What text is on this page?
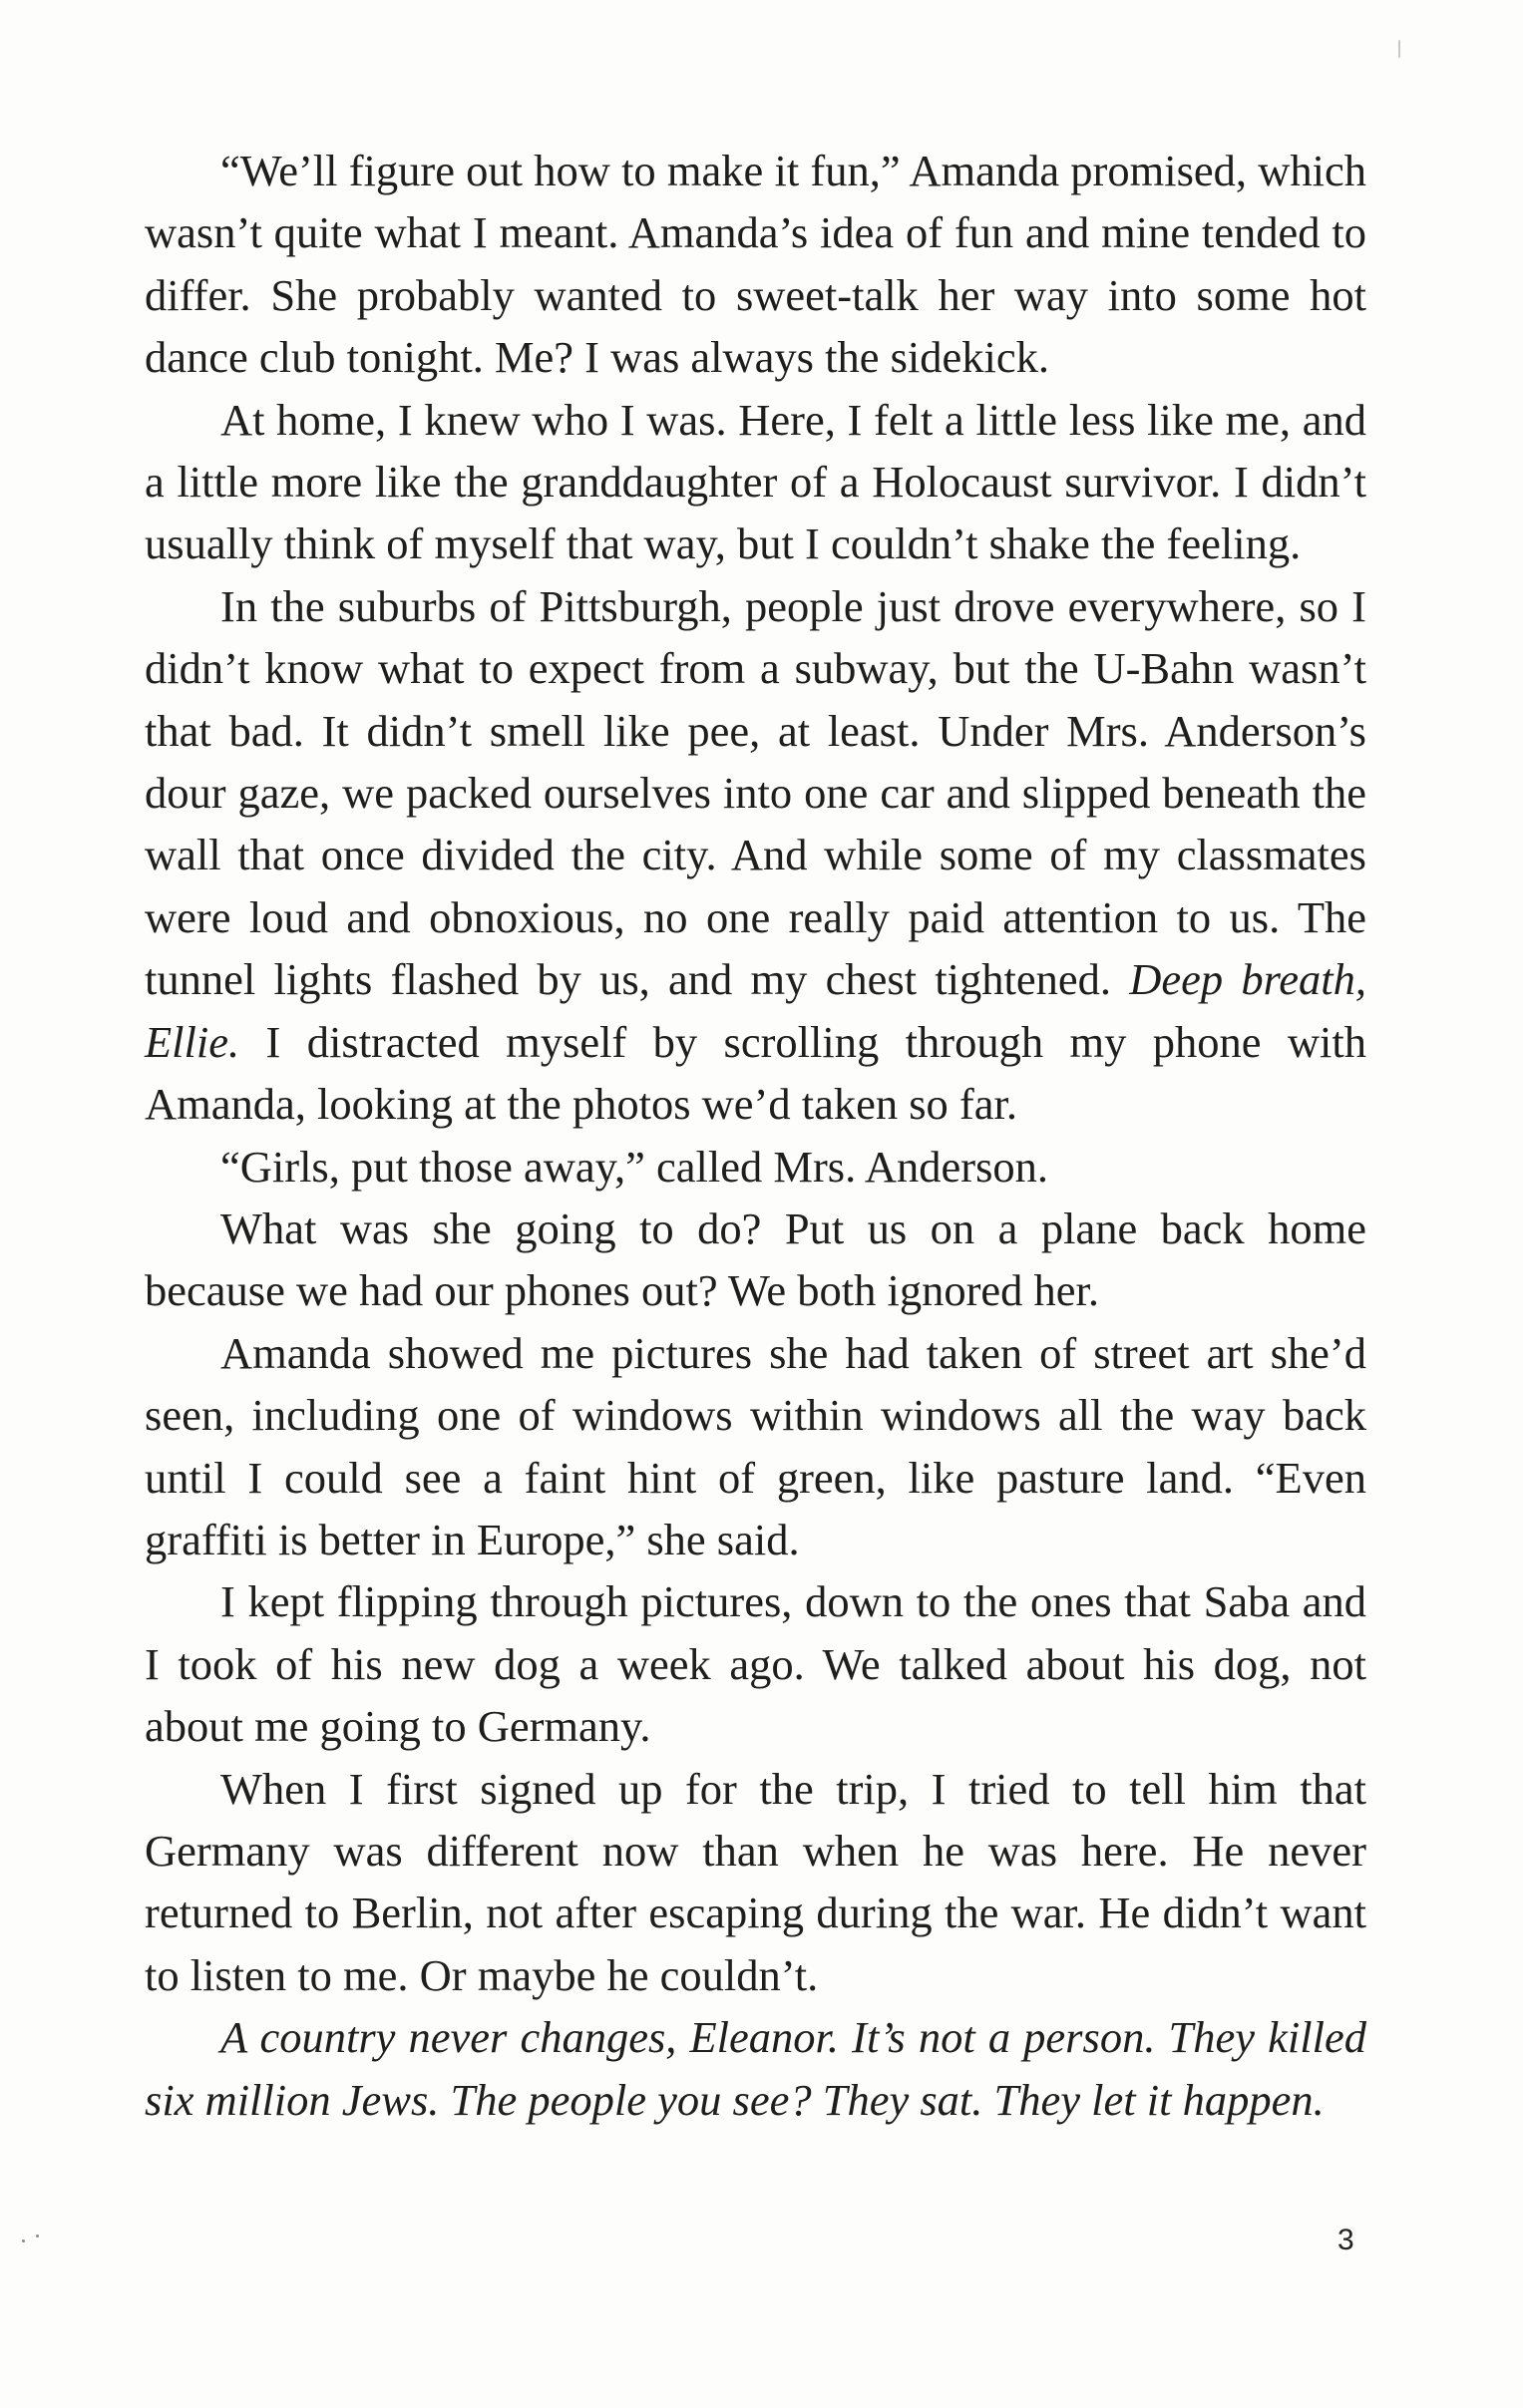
“We’ll figure out how to make it fun,” Amanda promised, which wasn’t quite what I meant. Amanda’s idea of fun and mine tended to differ. She probably wanted to sweet-talk her way into some hot dance club tonight. Me? I was always the sidekick.

At home, I knew who I was. Here, I felt a little less like me, and a little more like the granddaughter of a Holocaust survivor. I didn’t usually think of myself that way, but I couldn’t shake the feeling.

In the suburbs of Pittsburgh, people just drove everywhere, so I didn’t know what to expect from a subway, but the U-Bahn wasn’t that bad. It didn’t smell like pee, at least. Under Mrs. Anderson’s dour gaze, we packed ourselves into one car and slipped beneath the wall that once divided the city. And while some of my classmates were loud and obnoxious, no one really paid attention to us. The tunnel lights flashed by us, and my chest tightened. Deep breath, Ellie. I distracted myself by scrolling through my phone with Amanda, looking at the photos we’d taken so far.

“Girls, put those away,” called Mrs. Anderson.

What was she going to do? Put us on a plane back home because we had our phones out? We both ignored her.

Amanda showed me pictures she had taken of street art she’d seen, including one of windows within windows all the way back until I could see a faint hint of green, like pasture land. “Even graffiti is better in Europe,” she said.

I kept flipping through pictures, down to the ones that Saba and I took of his new dog a week ago. We talked about his dog, not about me going to Germany.

When I first signed up for the trip, I tried to tell him that Germany was different now than when he was here. He never returned to Berlin, not after escaping during the war. He didn’t want to listen to me. Or maybe he couldn’t.

A country never changes, Eleanor. It’s not a person. They killed six million Jews. The people you see? They sat. They let it happen.

3
